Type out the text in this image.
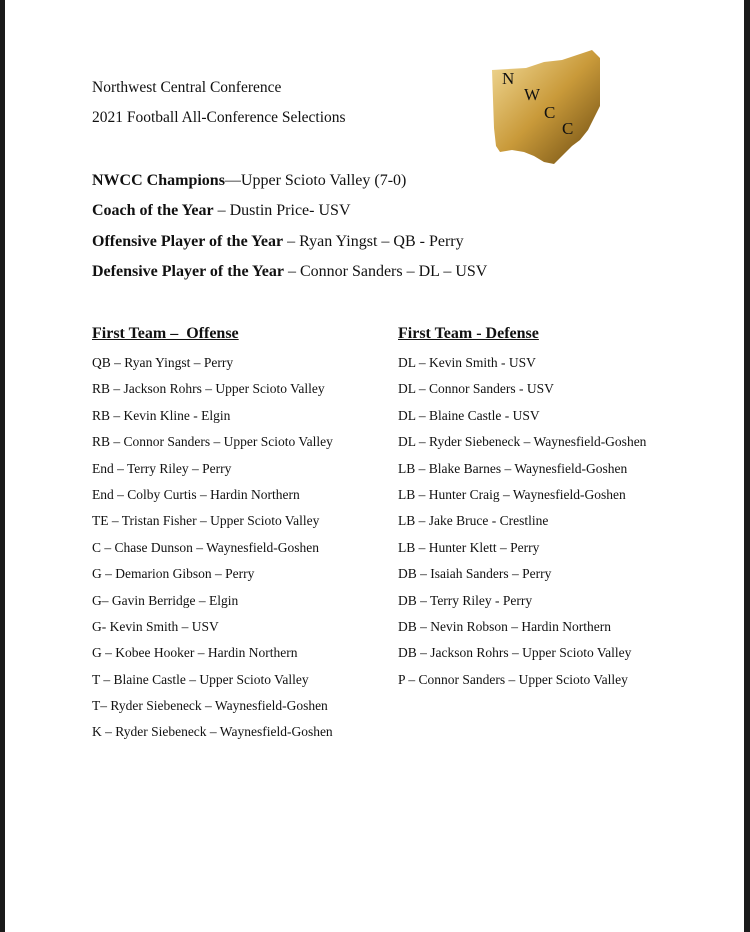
Northwest Central Conference
2021 Football All-Conference Selections
N
W
C
C
NWCC Champions—Upper Scioto Valley (7-0)
Coach of the Year – Dustin Price- USV
Offensive Player of the Year – Ryan Yingst – QB - Perry
Defensive Player of the Year – Connor Sanders – DL – USV
First Team –  Offense	First Team - Defense
QB – Ryan Yingst – Perry
RB – Jackson Rohrs – Upper Scioto Valley
RB – Kevin Kline - Elgin
RB – Connor Sanders – Upper Scioto Valley
End – Terry Riley – Perry
End – Colby Curtis – Hardin Northern
TE – Tristan Fisher – Upper Scioto Valley
C – Chase Dunson – Waynesfield-Goshen
G – Demarion Gibson – Perry
G– Gavin Berridge – Elgin
G- Kevin Smith – USV
G – Kobee Hooker – Hardin Northern
T – Blaine Castle – Upper Scioto Valley
T– Ryder Siebeneck – Waynesfield-Goshen
K – Ryder Siebeneck – Waynesfield-Goshen
DL – Kevin Smith - USV
DL – Connor Sanders - USV
DL – Blaine Castle - USV
DL – Ryder Siebeneck – Waynesfield-Goshen
LB – Blake Barnes – Waynesfield-Goshen
LB – Hunter Craig – Waynesfield-Goshen
LB – Jake Bruce - Crestline
LB – Hunter Klett – Perry
DB – Isaiah Sanders – Perry
DB – Terry Riley - Perry
DB – Nevin Robson – Hardin Northern
DB – Jackson Rohrs – Upper Scioto Valley
P – Connor Sanders – Upper Scioto Valley
